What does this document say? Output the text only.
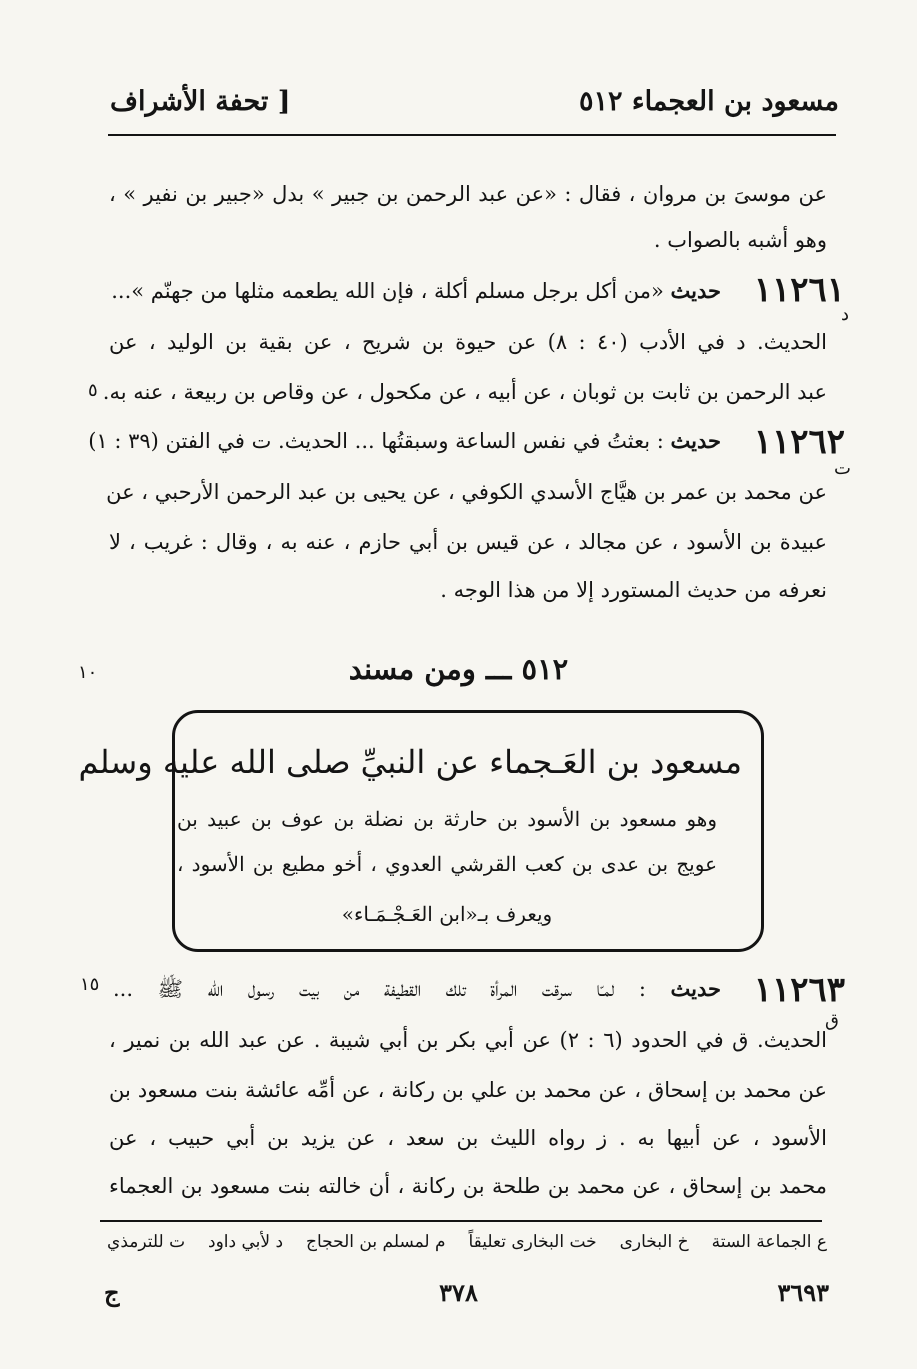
مسعود بن العجماء ٥١٢
[ تحفة الأشراف
عن موسىَ بن مروان ، فقال : «عن عبد الرحمن بن جبير » بدل «جبير بن نفير » ،
وهو أشبه بالصواب .
١١٢٦١
حديث «من أكل برجل مسلم أكلة ، فإن الله يطعمه مثلها من جهنّم »...
د
الحديث. د في الأدب (٤٠ : ٨) عن حيوة بن شريح ، عن بقية بن الوليد ، عن
عبد الرحمن بن ثابت بن ثوبان ، عن أبيه ، عن مكحول ، عن وقاص بن ربيعة ، عنه به.
٥
١١٢٦٢
حديث : بعثتُ في نفس الساعة وسبقتُها ... الحديث. ت في الفتن (٣٩ : ١)
ت
عن محمد بن عمر بن هيَّاج الأسدي الكوفي ، عن يحيى بن عبد الرحمن الأرحبي ، عن
عبيدة بن الأسود ، عن مجالد ، عن قيس بن أبي حازم ، عنه به ، وقال : غريب ، لا
نعرفه من حديث المستورد إلا من هذا الوجه .
٥١٢ ـــ ومن مسند
١٠
مسعود بن العَـجماء عن النبيِّ صلى الله عليه وسلم
وهو مسعود بن الأسود بن حارثة بن نضلة بن عوف بن عبيد بن
عويج بن عدى بن كعب القرشي العدوي ، أخو مطيع بن الأسود ،
ويعرف بـ«ابن العَـجْـمَـاء»
١١٢٦٣
حديث : لمـّا سرقت المرأة تلك القطيفة من بيت رسول الله ﷺ ...
١٥
ق
الحديث. ق في الحدود (٦ : ٢) عن أبي بكر بن أبي شيبة . عن عبد الله بن نمير ،
عن محمد بن إسحاق ، عن محمد بن علي بن ركانة ، عن أمِّه عائشة بنت مسعود بن
الأسود ، عن أبيها به . ز رواه الليث بن سعد ، عن يزيد بن أبي حبيب ، عن
محمد بن إسحاق ، عن محمد بن طلحة بن ركانة ، أن خالته بنت مسعود بن العجماء
ع الجماعة الستة
خ البخارى
خت البخارى تعليقاً
م لمسلم بن الحجاج
د لأبي داود
ت للترمذي
٣٦٩٣
٣٧٨
ج
